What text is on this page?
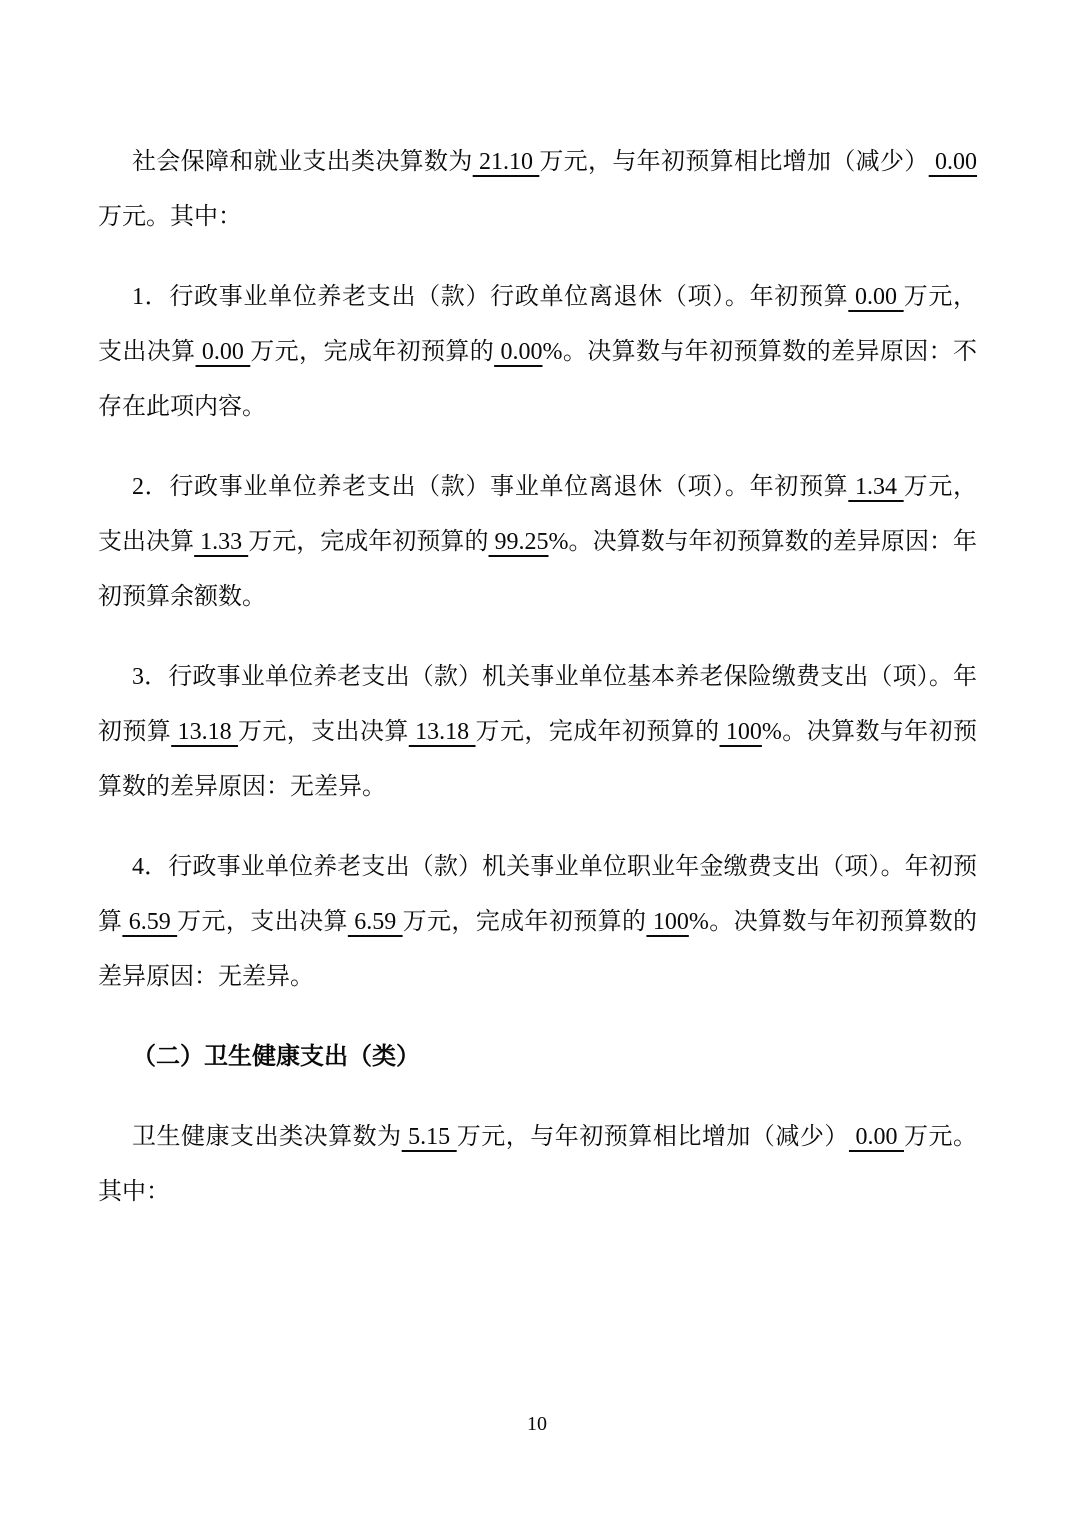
社会保障和就业支出类决算数为 21.10 万元，与年初预算相比增加（减少） 0.00 万元。其中：

1．行政事业单位养老支出（款）行政单位离退休（项）。年初预算 0.00 万元，支出决算 0.00 万元，完成年初预算的 0.00%。决算数与年初预算数的差异原因：不存在此项内容。

2．行政事业单位养老支出（款）事业单位离退休（项）。年初预算 1.34 万元，支出决算 1.33 万元，完成年初预算的 99.25%。决算数与年初预算数的差异原因：年初预算余额数。

3．行政事业单位养老支出（款）机关事业单位基本养老保险缴费支出（项）。年初预算 13.18 万元，支出决算 13.18 万元，完成年初预算的 100%。决算数与年初预算数的差异原因：无差异。

4．行政事业单位养老支出（款）机关事业单位职业年金缴费支出（项）。年初预算 6.59 万元，支出决算 6.59 万元，完成年初预算的 100%。决算数与年初预算数的差异原因：无差异。

（二）卫生健康支出（类）

卫生健康支出类决算数为 5.15 万元，与年初预算相比增加（减少） 0.00 万元。其中：

10
